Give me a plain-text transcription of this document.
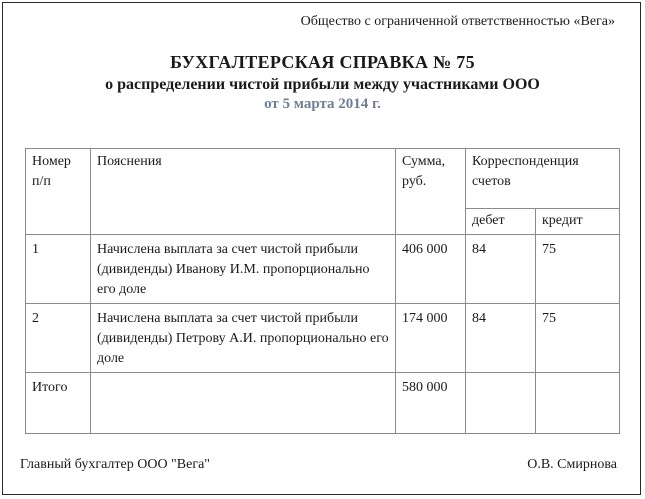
Общество с ограниченной ответственностью «Вега»
БУХГАЛТЕРСКАЯ СПРАВКА № 75
о распределении чистой прибыли между участниками ООО
от 5 марта 2014 г.
Номер п/п	Пояснения	Сумма, руб.	Корреспонденция счетов	

			дебет	кредит
1	Начислена выплата за счет чистой прибыли (дивиденды) Иванову И.М. пропорционально его доле	406 000	84	75
2	Начислена выплата за счет чистой прибыли (дивиденды) Петрову А.И. пропорционально его доле	174 000	84	75
Итого		580 000		
Главный бухгалтер ООО "Вега"	О.В. Смирнова
